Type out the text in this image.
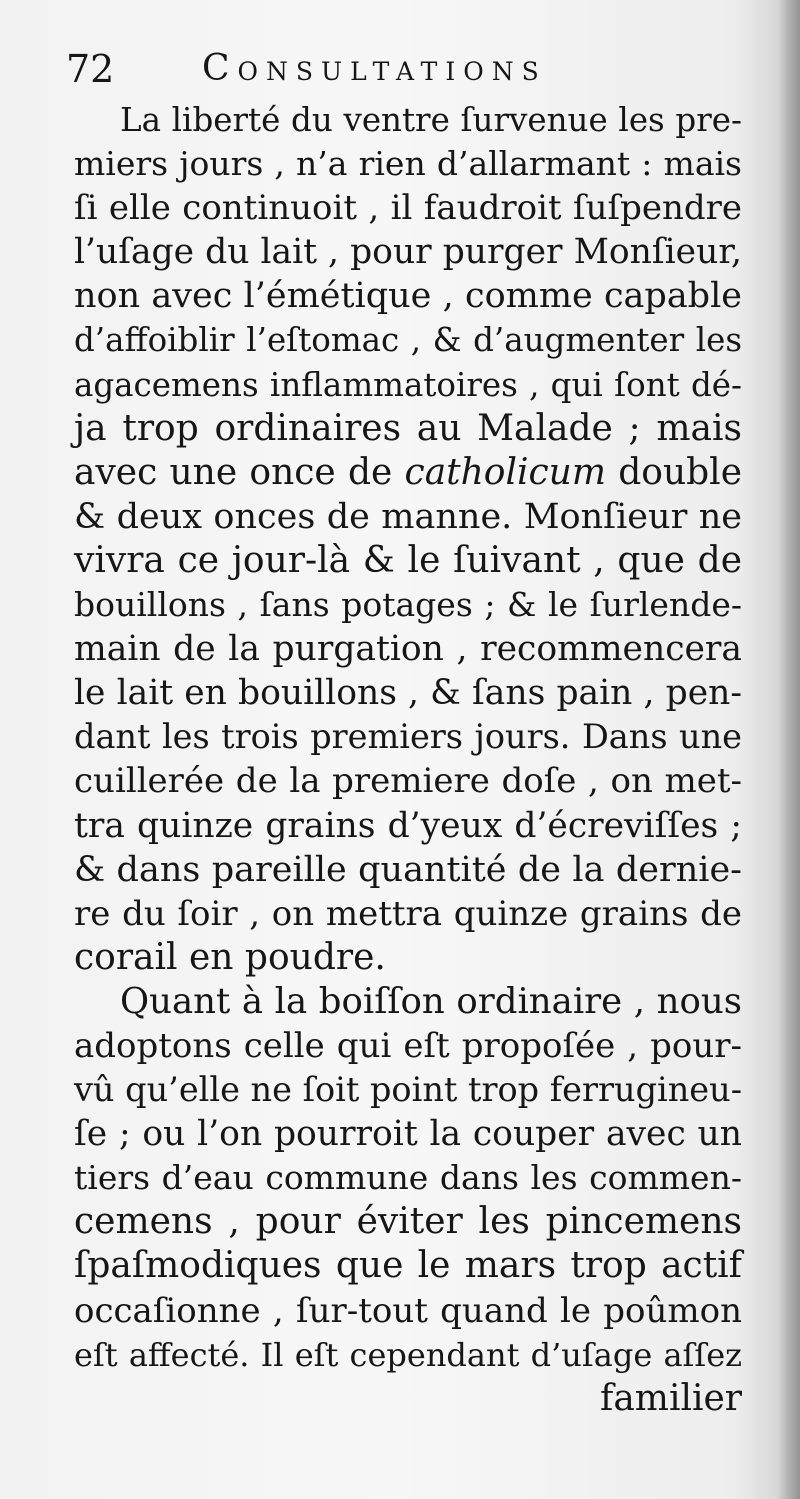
72 Consultations
La liberté du ventre ſurvenue les pre-
miers jours , n’a rien d’allarmant : mais
ſi elle continuoit , il faudroit ſuſpendre
l’uſage du lait , pour purger Monſieur,
non avec l’émétique , comme capable
d’affoiblir l’eſtomac , & d’augmenter les
agacemens inflammatoires , qui ſont dé-
ja trop ordinaires au Malade ; mais
avec une once de catholicum double
& deux onces de manne. Monſieur ne
vivra ce jour-là & le ſuivant , que de
bouillons , ſans potages ; & le ſurlende-
main de la purgation , recommencera
le lait en bouillons , & ſans pain , pen-
dant les trois premiers jours. Dans une
cuillerée de la premiere doſe , on met-
tra quinze grains d’yeux d’écreviſſes ;
& dans pareille quantité de la dernie-
re du ſoir , on mettra quinze grains de
corail en poudre.
Quant à la boiſſon ordinaire , nous
adoptons celle qui eſt propoſée , pour-
vû qu’elle ne ſoit point trop ferrugineu-
ſe ; ou l’on pourroit la couper avec un
tiers d’eau commune dans les commen-
cemens , pour éviter les pincemens
ſpaſmodiques que le mars trop actif
occaſionne , ſur-tout quand le poûmon
eſt affecté. Il eſt cependant d’uſage aſſez
familier
